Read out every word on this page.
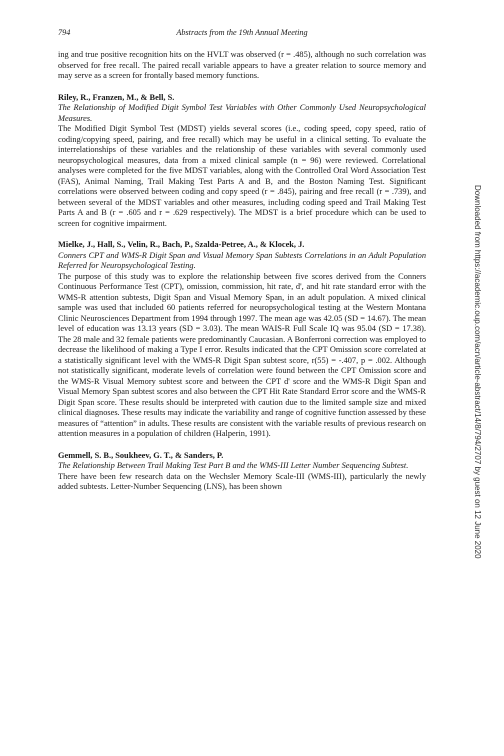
794	Abstracts from the 19th Annual Meeting

ing and true positive recognition hits on the HVLT was observed (r = .485), although no such correlation was observed for free recall. The paired recall variable appears to have a greater relation to source memory and may serve as a screen for frontally based memory functions.

Riley, R., Franzen, M., & Bell, S.

The Relationship of Modified Digit Symbol Test Variables with Other Commonly Used Neuropsychological Measures.

The Modified Digit Symbol Test (MDST) yields several scores (i.e., coding speed, copy speed, ratio of coding/copying speed, pairing, and free recall) which may be useful in a clinical setting. To evaluate the interrelationships of these variables and the relationship of these variables with several commonly used neuropsychological measures, data from a mixed clinical sample (n = 96) were reviewed. Correlational analyses were completed for the five MDST variables, along with the Controlled Oral Word Association Test (FAS), Animal Naming, Trail Making Test Parts A and B, and the Boston Naming Test. Significant correlations were observed between coding and copy speed (r = .845), pairing and free recall (r = .739), and between several of the MDST variables and other measures, including coding speed and Trail Making Test Parts A and B (r = .605 and r = .629 respectively). The MDST is a brief procedure which can be used to screen for cognitive impairment.

Mielke, J., Hall, S., Velin, R., Bach, P., Szalda-Petree, A., & Klocek, J.

Conners CPT and WMS-R Digit Span and Visual Memory Span Subtests Correlations in an Adult Population Referred for Neuropsychological Testing.

The purpose of this study was to explore the relationship between five scores derived from the Conners Continuous Performance Test (CPT), omission, commission, hit rate, d', and hit rate standard error with the WMS-R attention subtests, Digit Span and Visual Memory Span, in an adult population. A mixed clinical sample was used that included 60 patients referred for neuropsychological testing at the Western Montana Clinic Neurosciences Department from 1994 through 1997. The mean age was 42.05 (SD = 14.67). The mean level of education was 13.13 years (SD = 3.03). The mean WAIS-R Full Scale IQ was 95.04 (SD = 17.38). The 28 male and 32 female patients were predominantly Caucasian. A Bonferroni correction was employed to decrease the likelihood of making a Type I error. Results indicated that the CPT Omission score correlated at a statistically significant level with the WMS-R Digit Span subtest score, r(55) = -.407, p = .002. Although not statistically significant, moderate levels of correlation were found between the CPT Omission score and the WMS-R Visual Memory subtest score and between the CPT d' score and the WMS-R Digit Span and Visual Memory Span subtest scores and also between the CPT Hit Rate Standard Error score and the WMS-R Digit Span score. These results should be interpreted with caution due to the limited sample size and mixed clinical diagnoses. These results may indicate the variability and range of cognitive function assessed by these measures of “attention” in adults. These results are consistent with the variable results of previous research on attention measures in a population of children (Halperin, 1991).

Gemmell, S. B., Soukheev, G. T., & Sanders, P.

The Relationship Between Trail Making Test Part B and the WMS-III Letter Number Sequencing Subtest.

There have been few research data on the Wechsler Memory Scale-III (WMS-III), particularly the newly added subtests. Letter-Number Sequencing (LNS), has been shown	Downloaded from https://academic.oup.com/acn/article-abstract/14/8/794/2707 by guest on 12 June 2020
